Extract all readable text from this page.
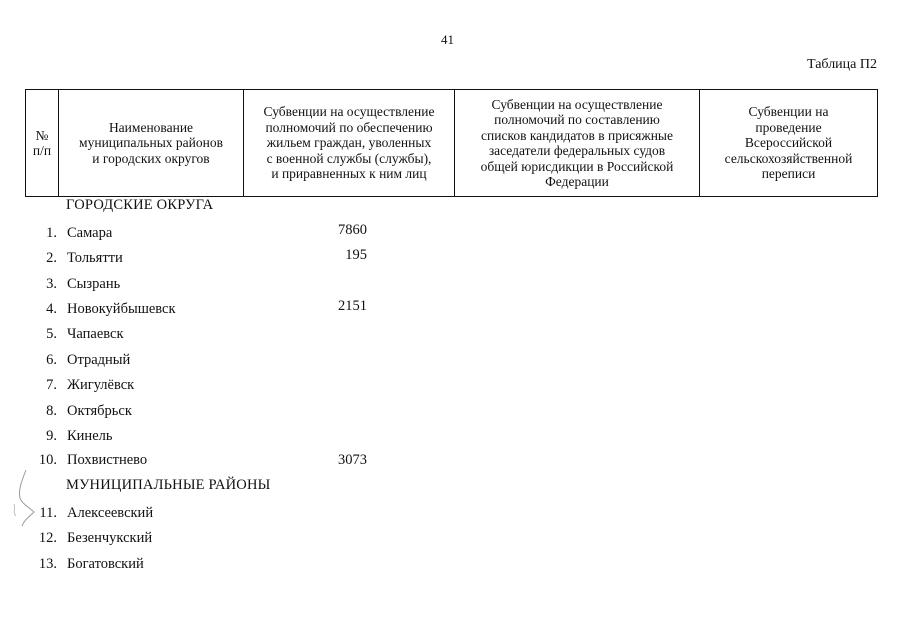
41
Таблица П2
№
п/п	Наименование
муниципальных районов
и городских округов	Субвенции на осуществление
полномочий по обеспечению
жильем граждан, уволенных
с военной службы (службы),
и приравненных к ним лиц	Субвенции на осуществление
полномочий по составлению
списков кандидатов в присяжные
заседатели федеральных судов
общей юрисдикции в Российской
Федерации	Субвенции на
проведение
Всероссийской
сельскохозяйственной
переписи
ГОРОДСКИЕ ОКРУГА
1. Самара	7860
2. Тольятти	195
3. Сызрань
4. Новокуйбышевск	2151
5. Чапаевск
6. Отрадный
7. Жигулёвск
8. Октябрьск
9. Кинель
10. Похвистнево	3073
МУНИЦИПАЛЬНЫЕ РАЙОНЫ
11. Алексеевский
12. Безенчукский
13. Богатовский
